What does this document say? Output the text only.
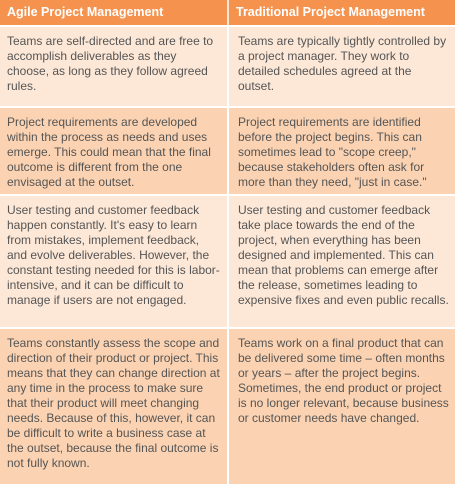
Agile Project Management	Traditional Project Management
Teams are self-directed and are free to accomplish deliverables as they choose, as long as they follow agreed rules.
Teams are typically tightly controlled by a project manager. They work to detailed schedules agreed at the outset.
Project requirements are developed within the process as needs and uses emerge. This could mean that the final outcome is different from the one envisaged at the outset.
Project requirements are identified before the project begins. This can sometimes lead to "scope creep," because stakeholders often ask for more than they need, "just in case."
User testing and customer feedback happen constantly. It's easy to learn from mistakes, implement feedback, and evolve deliverables. However, the constant testing needed for this is labor-intensive, and it can be difficult to manage if users are not engaged.
User testing and customer feedback take place towards the end of the project, when everything has been designed and implemented. This can mean that problems can emerge after the release, sometimes leading to expensive fixes and even public recalls.
Teams constantly assess the scope and direction of their product or project. This means that they can change direction at any time in the process to make sure that their product will meet changing needs. Because of this, however, it can be difficult to write a business case at the outset, because the final outcome is not fully known.
Teams work on a final product that can be delivered some time – often months or years – after the project begins. Sometimes, the end product or project is no longer relevant, because business or customer needs have changed.
